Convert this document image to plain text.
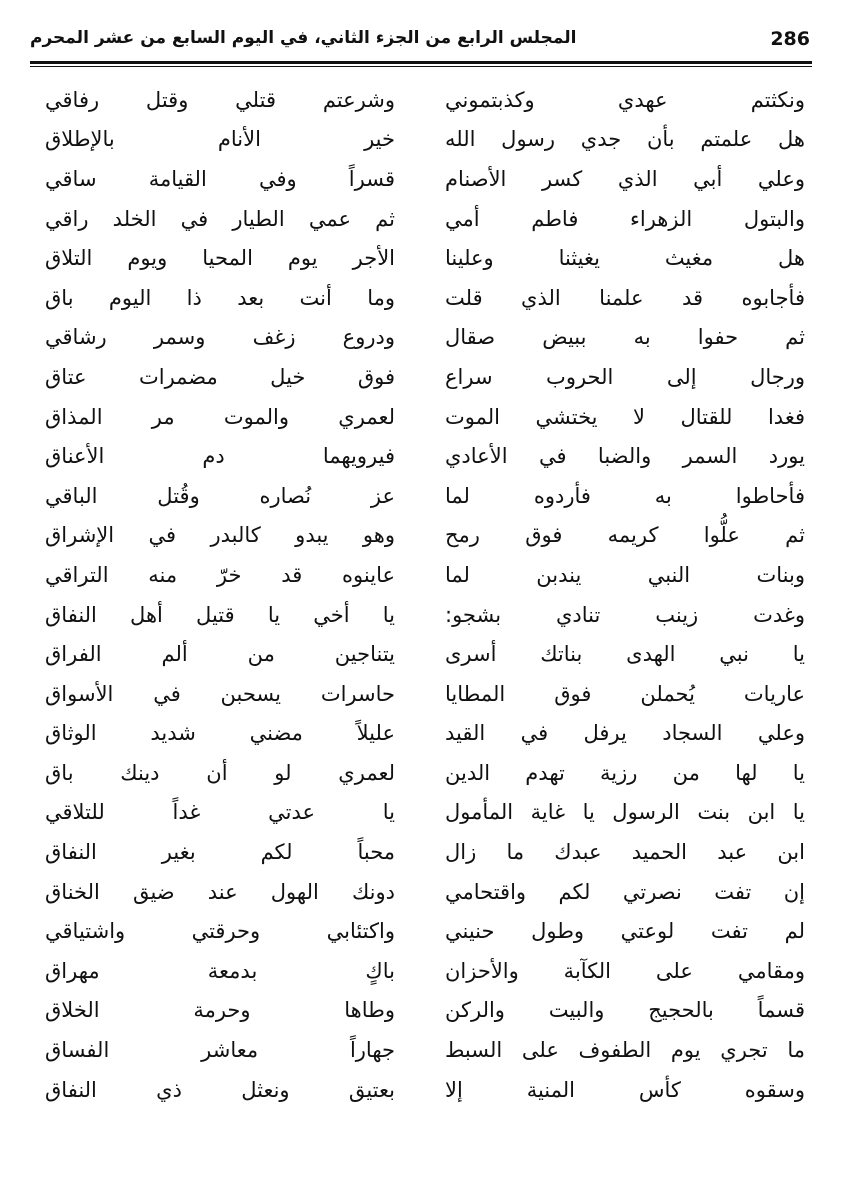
286
المجلس الرابع من الجزء الثاني، في اليوم السابع من عشر المحرم
ونكثتم عهدي وكذبتموني
وشرعتم قتلي وقتل رفاقي
هل علمتم بأن جدي رسول الله
خير الأنام بالإطلاق
وعلي أبي الذي كسر الأصنام
قسراً وفي القيامة ساقي
والبتول الزهراء فاطم أمي
ثم عمي الطيار في الخلد راقي
هل مغيث يغيثنا وعلينا
الأجر يوم المحيا ويوم التلاق
فأجابوه قد علمنا الذي قلت
وما أنت بعد ذا اليوم باق
ثم حفوا به ببيض صقال
ودروع زغف وسمر رشاقي
ورجال إلى الحروب سراع
فوق خيل مضمرات عتاق
فغدا للقتال لا يختشي الموت
لعمري والموت مر المذاق
يورد السمر والضبا في الأعادي
فيرويهما دم الأعناق
فأحاطوا به فأردوه لما
عز نُصاره وقُتل الباقي
ثم علُّوا كريمه فوق رمح
وهو يبدو كالبدر في الإشراق
وبنات النبي يندبن لما
عاينوه قد خرّ منه التراقي
وغدت زينب تنادي بشجو:
يا أخي يا قتيل أهل النفاق
يا نبي الهدى بناتك أسرى
يتناجين من ألم الفراق
عاريات يُحملن فوق المطايا
حاسرات يسحبن في الأسواق
وعلي السجاد يرفل في القيد
عليلاً مضني شديد الوثاق
يا لها من رزية تهدم الدين
لعمري لو أن دينك باق
يا ابن بنت الرسول يا غاية المأمول
يا عدتي غداً للتلاقي
ابن عبد الحميد عبدك ما زال
محباً لكم بغير النفاق
إن تفت نصرتي لكم واقتحامي
دونك الهول عند ضيق الخناق
لم تفت لوعتي وطول حنيني
واكتئابي وحرقتي واشتياقي
ومقامي على الكآبة والأحزان
باكٍ بدمعة مهراق
قسماً بالحجيج والبيت والركن
وطاها وحرمة الخلاق
ما تجري يوم الطفوف على السبط
جهاراً معاشر الفساق
وسقوه كأس المنية إلا
بعتيق ونعثل ذي النفاق
